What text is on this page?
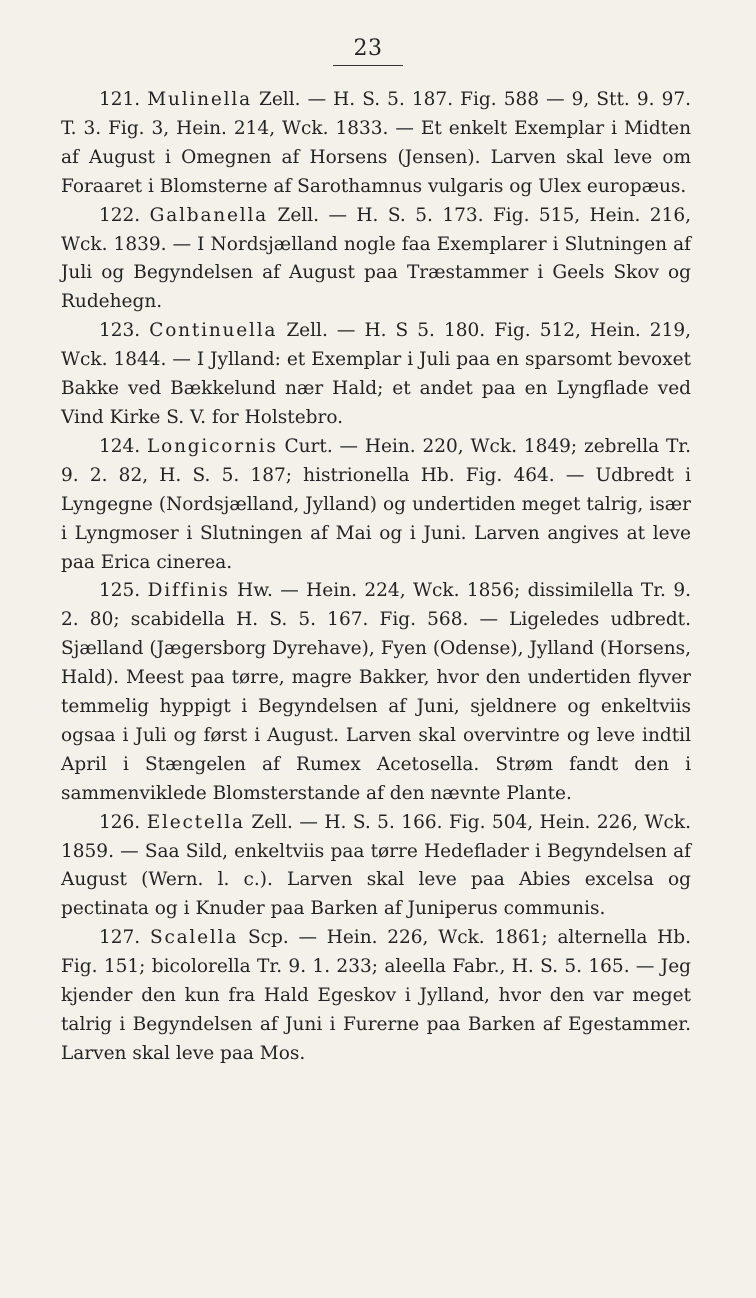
23

121. Mulinella Zell. — H. S. 5. 187. Fig. 588 — 9, Stt. 9. 97. T. 3. Fig. 3, Hein. 214, Wck. 1833. — Et enkelt Exemplar i Midten af August i Omegnen af Horsens (Jensen). Larven skal leve om Foraaret i Blomsterne af Sarothamnus vulgaris og Ulex europæus.

122. Galbanella Zell. — H. S. 5. 173. Fig. 515, Hein. 216, Wck. 1839. — I Nordsjælland nogle faa Exemplarer i Slutningen af Juli og Begyndelsen af August paa Træstammer i Geels Skov og Rudehegn.

123. Continuella Zell. — H. S 5. 180. Fig. 512, Hein. 219, Wck. 1844. — I Jylland: et Exemplar i Juli paa en sparsomt bevoxet Bakke ved Bækkelund nær Hald; et andet paa en Lyngflade ved Vind Kirke S. V. for Holstebro.

124. Longicornis Curt. — Hein. 220, Wck. 1849; zebrella Tr. 9. 2. 82, H. S. 5. 187; histrionella Hb. Fig. 464. — Udbredt i Lyngegne (Nordsjælland, Jylland) og undertiden meget talrig, især i Lyngmoser i Slutningen af Mai og i Juni. Larven angives at leve paa Erica cinerea.

125. Diffinis Hw. — Hein. 224, Wck. 1856; dissimilella Tr. 9. 2. 80; scabidella H. S. 5. 167. Fig. 568. — Ligeledes udbredt. Sjælland (Jægersborg Dyrehave), Fyen (Odense), Jylland (Horsens, Hald). Meest paa tørre, magre Bakker, hvor den undertiden flyver temmelig hyppigt i Begyndelsen af Juni, sjeldnere og enkeltviis ogsaa i Juli og først i August. Larven skal overvintre og leve indtil April i Stængelen af Rumex Acetosella. Strøm fandt den i sammenviklede Blomsterstande af den nævnte Plante.

126. Electella Zell. — H. S. 5. 166. Fig. 504, Hein. 226, Wck. 1859. — Saa Sild, enkeltviis paa tørre Hedeflader i Begyndelsen af August (Wern. l. c.). Larven skal leve paa Abies excelsa og pectinata og i Knuder paa Barken af Juniperus communis.

127. Scalella Scp. — Hein. 226, Wck. 1861; alternella Hb. Fig. 151; bicolorella Tr. 9. 1. 233; aleella Fabr., H. S. 5. 165. — Jeg kjender den kun fra Hald Egeskov i Jylland, hvor den var meget talrig i Begyndelsen af Juni i Furerne paa Barken af Egestammer. Larven skal leve paa Mos.
